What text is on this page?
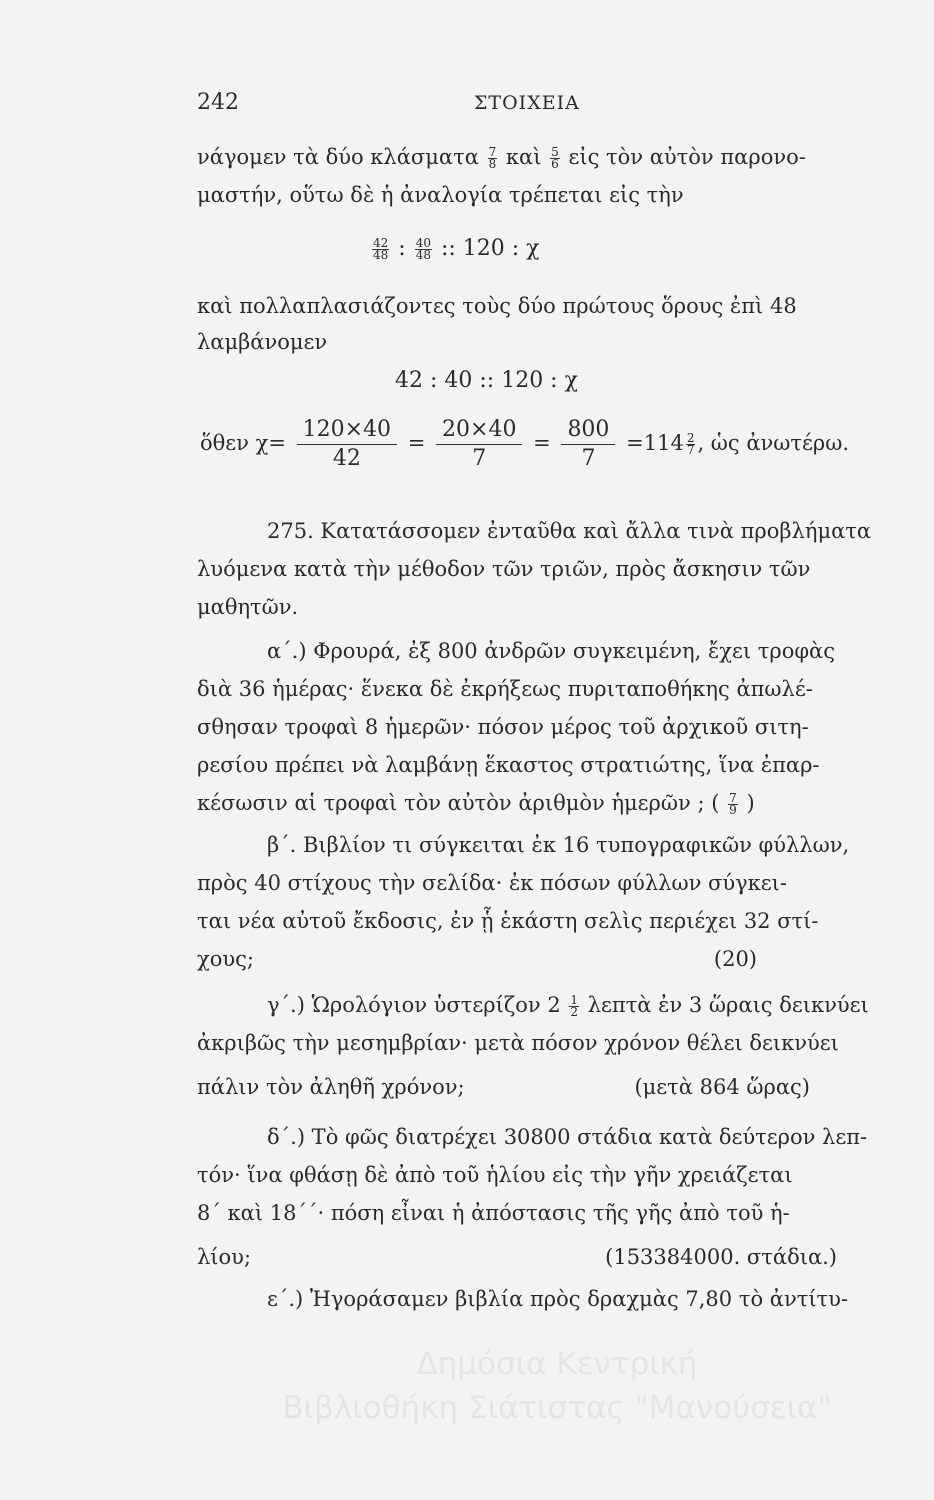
242	ΣΤΟΙΧΕΙΑ
νάγομεν τὰ δύο κλάσματα $\frac{7}{8}$ καὶ $\frac{5}{6}$ εἰς τὸν αὐτὸν παρονο-
μαστήν, οὕτω δὲ ἡ ἀναλογία τρέπεται εἰς τὴν
$\frac{42}{48}$ : $\frac{40}{48}$ :: 120 : χ
καὶ πολλαπλασιάζοντες τοὺς δύο πρώτους ὅρους ἐπὶ 48
λαμβάνομεν
42 : 40 :: 120 : χ
ὅθεν $\chi= \frac{120\times 40}{42} = \frac{20\times 40}{7} = \frac{800}{7} =114 \frac{2}{7}$ , ὡς ἀνωτέρω.
275. Κατατάσσομεν ἐνταῦθα καὶ ἄλλα τινὰ προβλήματα
λυόμενα κατὰ τὴν μέθοδον τῶν τριῶν, πρὸς ἄσκησιν τῶν
μαθητῶν.
α΄.) Φρουρά, ἐξ 800 ἀνδρῶν συγκειμένη, ἔχει τροφὰς
διὰ 36 ἡμέρας· ἕνεκα δὲ ἐκρήξεως πυριταποθήκης ἀπωλέ-
σθησαν τροφαὶ 8 ἡμερῶν· πόσον μέρος τοῦ ἀρχικοῦ σιτη-
ρεσίου πρέπει νὰ λαμβάνῃ ἕκαστος στρατιώτης, ἵνα ἐπαρ-
κέσωσιν αἱ τροφαὶ τὸν αὐτὸν ἀριθμὸν ἡμερῶν ; ( $\frac{7}{9}$ )
β΄. Βιβλίον τι σύγκειται ἐκ 16 τυπογραφικῶν φύλλων,
πρὸς 40 στίχους τὴν σελίδα· ἐκ πόσων φύλλων σύγκει-
ται νέα αὐτοῦ ἔκδοσις, ἐν ᾗ ἑκάστη σελὶς περιέχει 32 στί-
χους;	(20)
γ΄.) Ὡρολόγιον ὑστερίζον $2 \frac{1}{2}$ λεπτὰ ἐν 3 ὥραις δεικνύει
ἀκριβῶς τὴν μεσημβρίαν· μετὰ πόσον χρόνον θέλει δεικνύει
πάλιν τὸν ἀληθῆ χρόνον;	(μετὰ 864 ὥρας)
δ΄.) Τὸ φῶς διατρέχει 30800 στάδια κατὰ δεύτερον λεπ-
τόν· ἵνα φθάσῃ δὲ ἀπὸ τοῦ ἡλίου εἰς τὴν γῆν χρειάζεται
8΄ καὶ 18΄΄· πόση εἶναι ἡ ἀπόστασις τῆς γῆς ἀπὸ τοῦ ἡ-
λίου;	(153384000. στάδια.)
ε΄.) Ἠγοράσαμεν βιβλία πρὸς δραχμὰς 7,80 τὸ ἀντίτυ-
Δημόσια Κεντρική
Βιβλιοθήκη Σιάτιστας "Μανούσεια"
